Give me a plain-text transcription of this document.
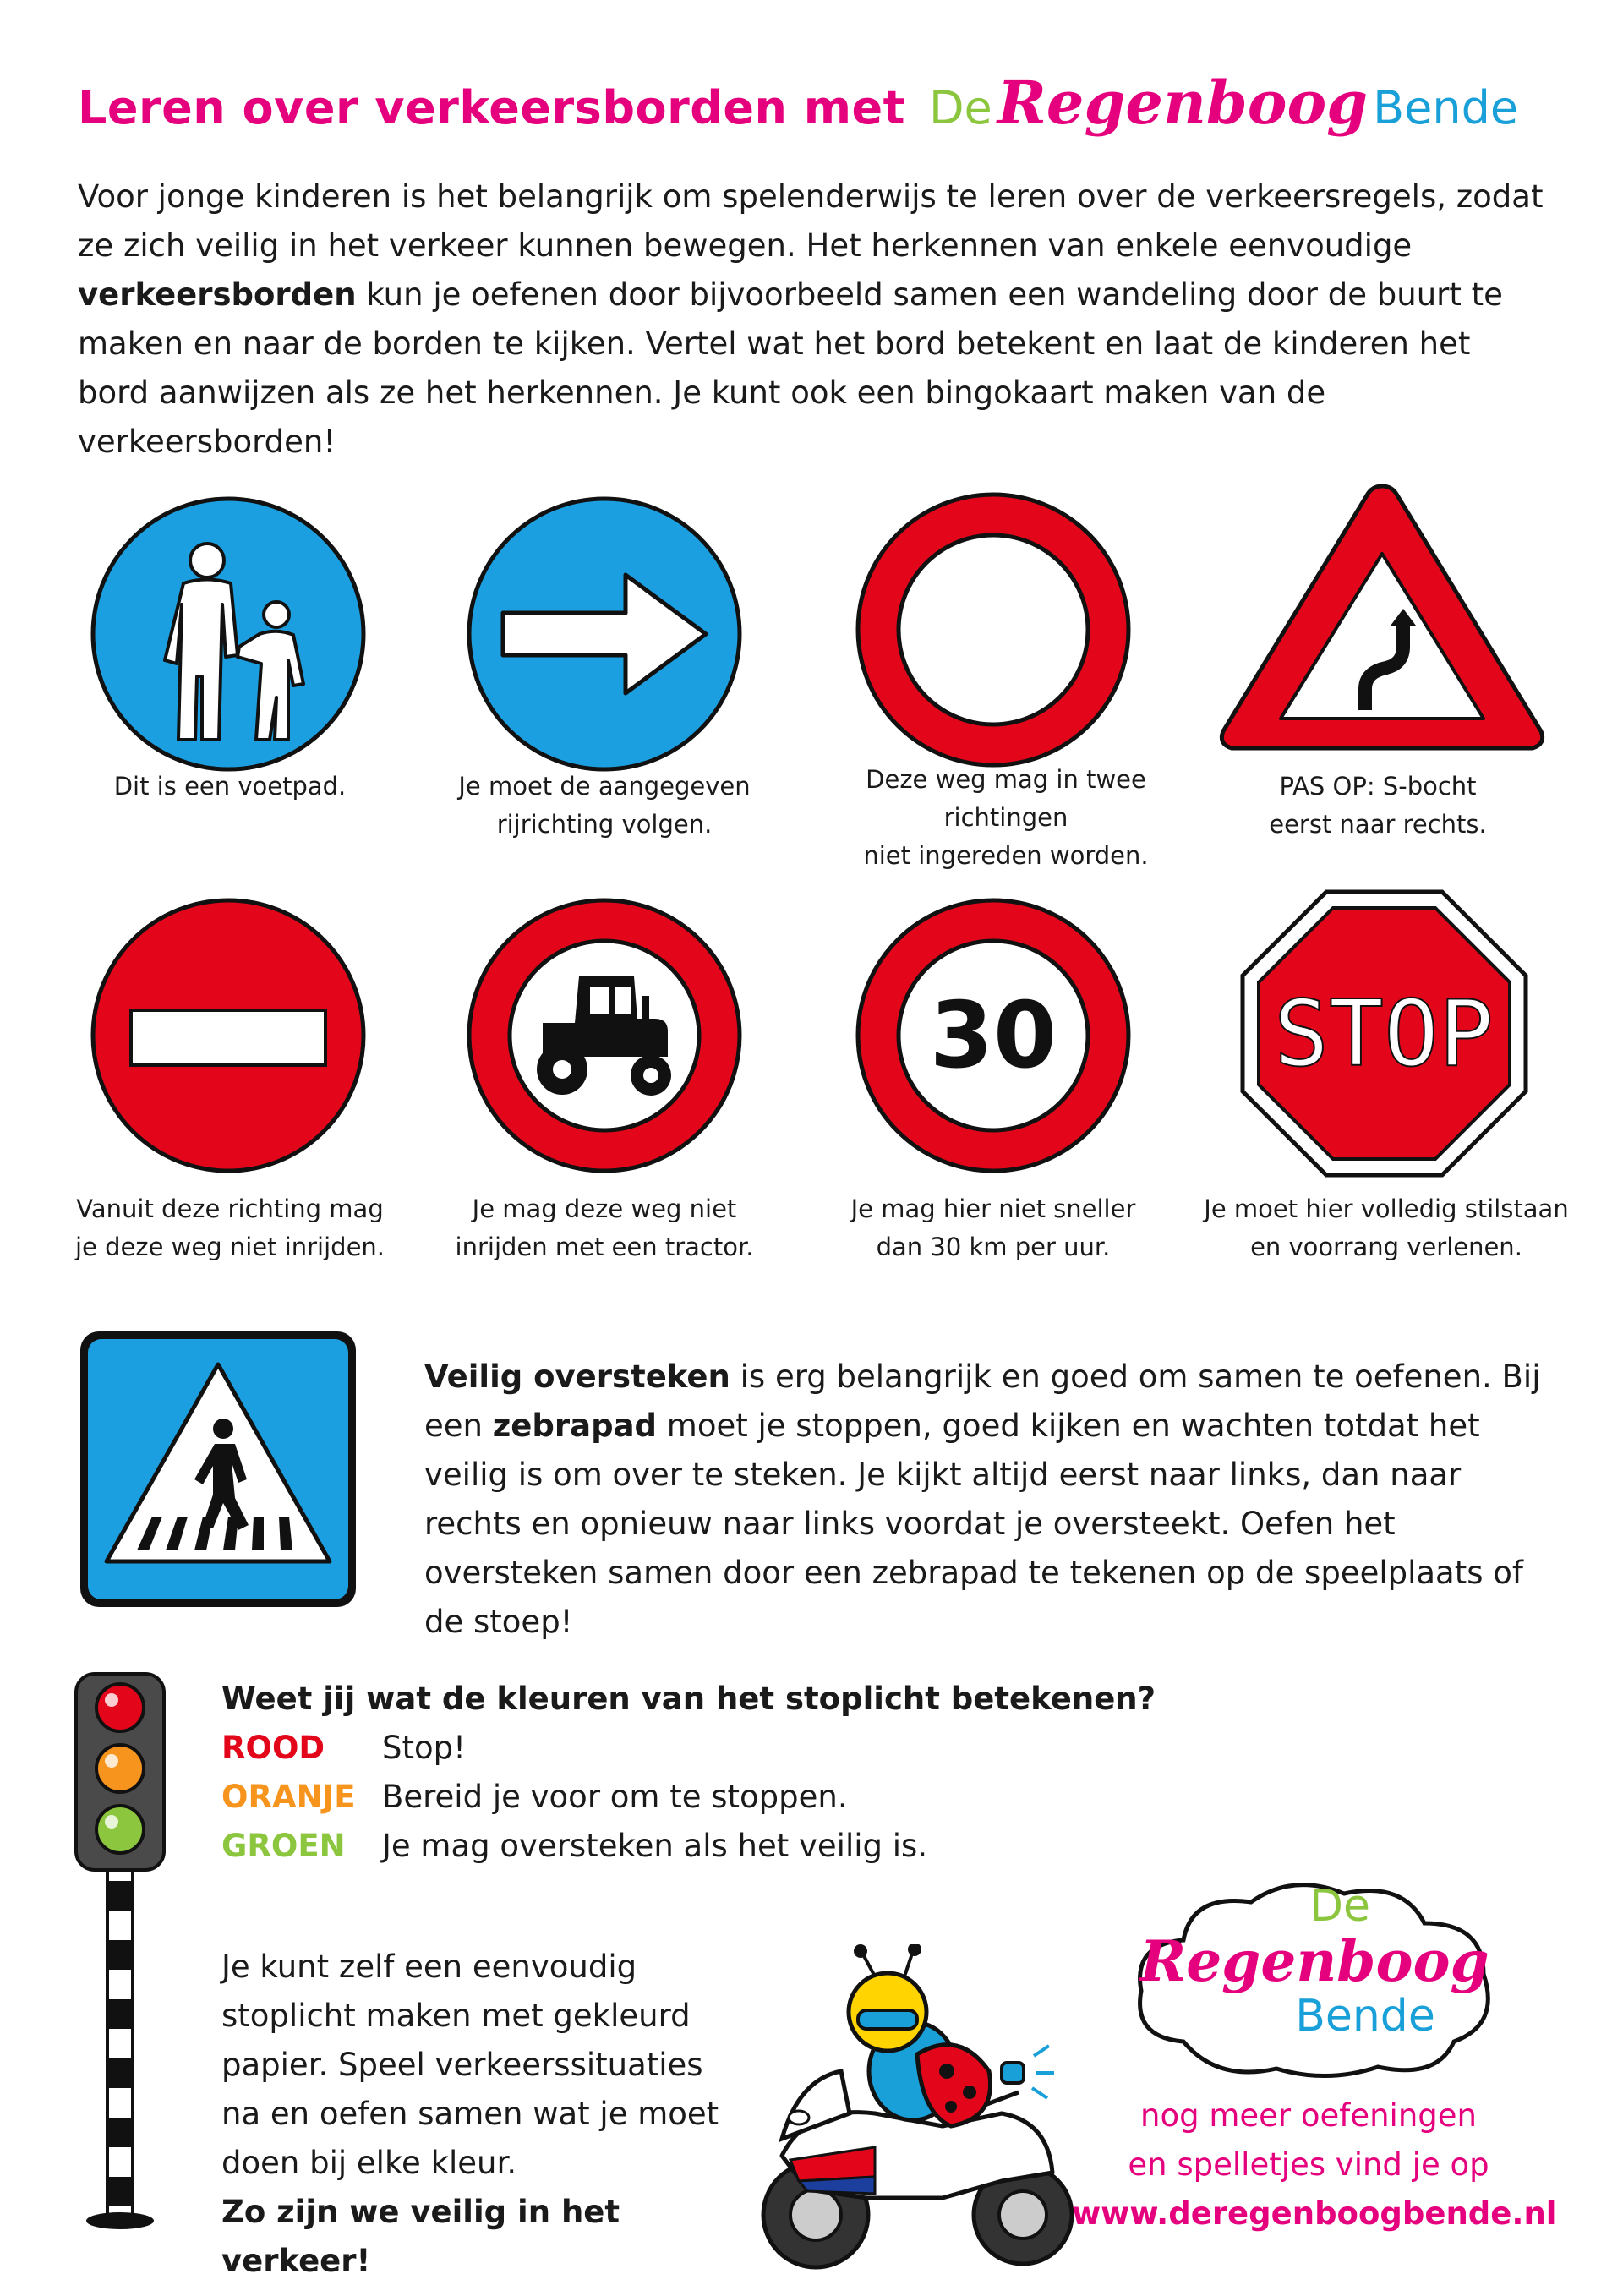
Leren over verkeersborden met De Regenboog Bende
Voor jonge kinderen is het belangrijk om spelenderwijs te leren over de verkeersregels, zodat ze zich veilig in het verkeer kunnen bewegen. Het herkennen van enkele eenvoudige verkeersborden kun je oefenen door bijvoorbeeld samen een wandeling door de buurt te maken en naar de borden te kijken. Vertel wat het bord betekent en laat de kinderen het bord aanwijzen als ze het herkennen. Je kunt ook een bingokaart maken van de verkeersborden!
Dit is een voetpad.	Je moet de aangegeven
rijrichting volgen.
Deze weg mag in twee richtingen
niet ingereden worden.
PAS OP: S-bocht
eerst naar rechts.
Vanuit deze richting mag
je deze weg niet inrijden.
Je mag deze weg niet
inrijden met een tractor.
30
Je mag hier niet sneller
dan 30 km per uur.
STOP
Je moet hier volledig stilstaan
en voorrang verlenen.
Veilig oversteken is erg belangrijk en goed om samen te oefenen. Bij een zebrapad moet je stoppen, goed kijken en wachten totdat het veilig is om over te steken. Je kijkt altijd eerst naar links, dan naar rechts en opnieuw naar links voordat je oversteekt. Oefen het oversteken samen door een zebrapad te tekenen op de speelplaats of de stoep!
Weet jij wat de kleuren van het stoplicht betekenen?
ROOD	Stop!
ORANJE Bereid je voor om te stoppen.
GROEN	Je mag oversteken als het veilig is.
Je kunt zelf een eenvoudig stoplicht maken met gekleurd papier. Speel verkeerssituaties na en oefen samen wat je moet doen bij elke kleur.
Zo zijn we veilig in het verkeer!
De
Regenboog
Bende
nog meer oefeningen
en spelletjes vind je op
www.deregenboogbende.nl
